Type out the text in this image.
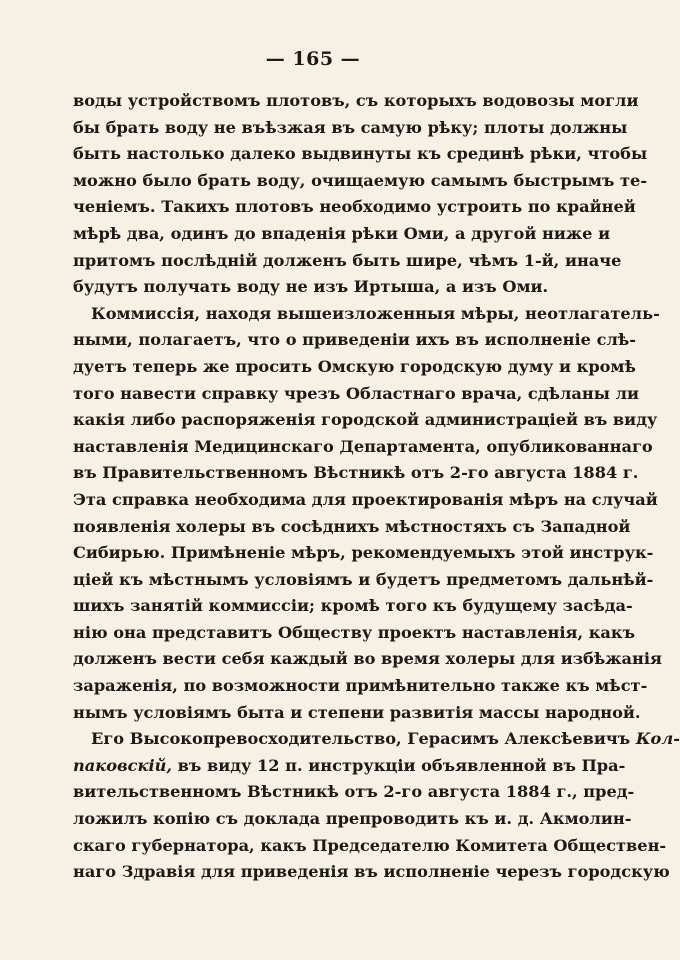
— 165 —
воды устройствомъ плотовъ, съ которыхъ водовозы могли
бы брать воду не въѣзжая въ самую рѣку; плоты должны
быть настолько далеко выдвинуты къ срединѣ рѣки, чтобы
можно было брать воду, очищаемую самымъ быстрымъ те-
ченіемъ. Такихъ плотовъ необходимо устроить по крайней
мѣрѣ два, одинъ до впаденія рѣки Оми, а другой ниже и
притомъ послѣдній долженъ быть шире, чѣмъ 1-й, иначе
будутъ получать воду не изъ Иртыша, а изъ Оми.
Коммиссія, находя вышеизложенныя мѣры, неотлагатель-
ными, полагаетъ, что о приведеніи ихъ въ исполненіе слѣ-
дуетъ теперь же просить Омскую городскую думу и кромѣ
того навести справку чрезъ Областнаго врача, сдѣланы ли
какія либо распоряженія городской администраціей въ виду
наставленія Медицинскаго Департамента, опубликованнаго
въ Правительственномъ Вѣстникѣ отъ 2-го августа 1884 г.
Эта справка необходима для проектированія мѣръ на случай
появленія холеры въ сосѣднихъ мѣстностяхъ съ Западной
Сибирью. Примѣненіе мѣръ, рекомендуемыхъ этой инструк-
ціей къ мѣстнымъ условіямъ и будетъ предметомъ дальнѣй-
шихъ занятій коммиссіи; кромѣ того къ будущему засѣда-
нію она представитъ Обществу проектъ наставленія, какъ
долженъ вести себя каждый во время холеры для избѣжанія
зараженія, по возможности примѣнительно также къ мѣст-
нымъ условіямъ быта и степени развитія массы народной.
Его Высокопревосходительство, Герасимъ Алексѣевичъ Кол-
паковскій, въ виду 12 п. инструкціи объявленной въ Пра-
вительственномъ Вѣстникѣ отъ 2-го августа 1884 г., пред-
ложилъ копію съ доклада препроводить къ и. д. Акмолин-
скаго губернатора, какъ Председателю Комитета Обществен-
наго Здравія для приведенія въ исполненіе черезъ городскую
